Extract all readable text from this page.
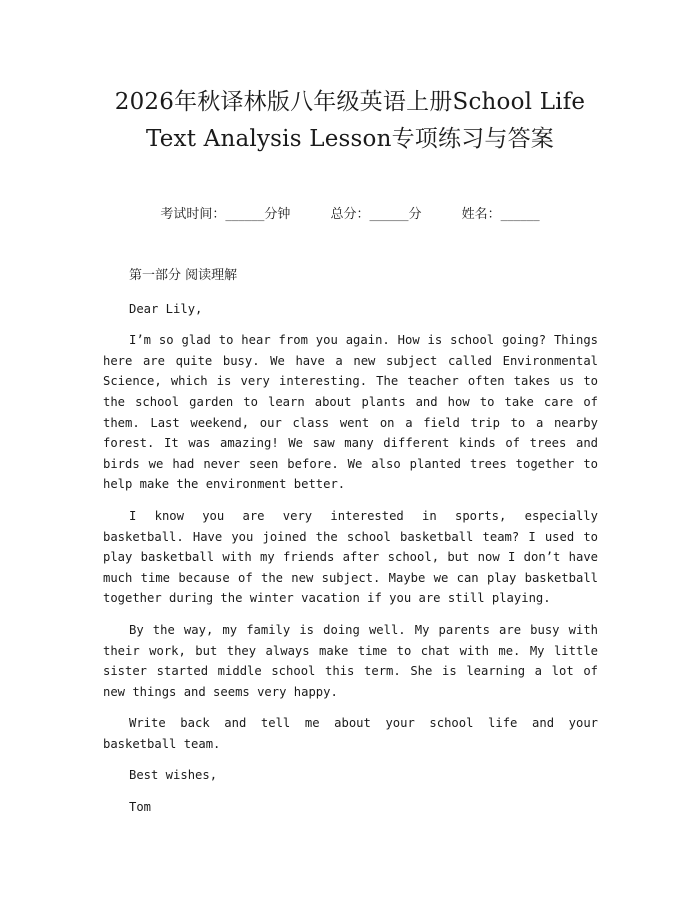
2026年秋译林版八年级英语上册School Life Text Analysis Lesson专项练习与答案
考试时间：______分钟	总分：______分	姓名：______

第一部分 阅读理解

Dear Lily,

I’m so glad to hear from you again. How is school going? Things here are quite busy. We have a new subject called Environmental Science, which is very interesting. The teacher often takes us to the school garden to learn about plants and how to take care of them. Last weekend, our class went on a field trip to a nearby forest. It was amazing! We saw many different kinds of trees and birds we had never seen before. We also planted trees together to help make the environment better.

I know you are very interested in sports, especially basketball. Have you joined the school basketball team? I used to play basketball with my friends after school, but now I don’t have much time because of the new subject. Maybe we can play basketball together during the winter vacation if you are still playing.

By the way, my family is doing well. My parents are busy with their work, but they always make time to chat with me. My little sister started middle school this term. She is learning a lot of new things and seems very happy.

Write back and tell me about your school life and your basketball team.

Best wishes,

Tom
